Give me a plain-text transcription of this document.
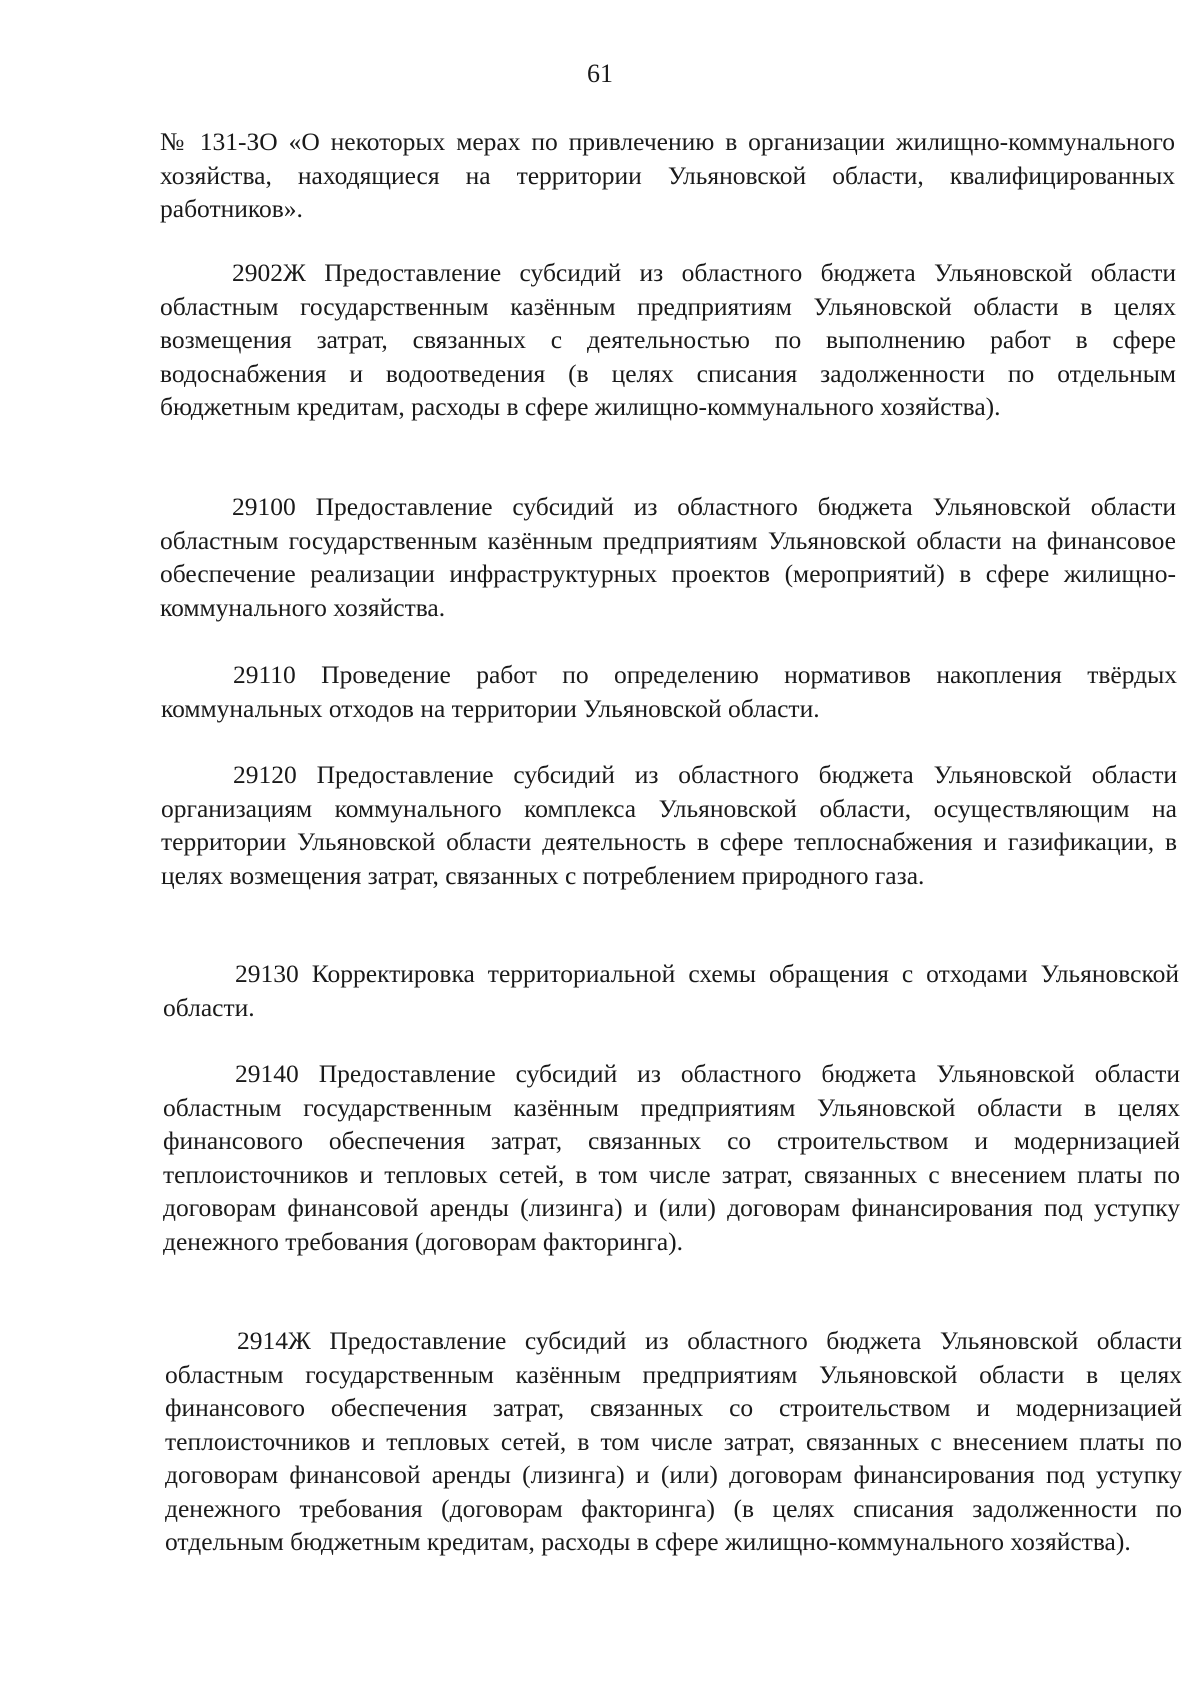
61

№ 131-ЗО «О некоторых мерах по привлечению в организации жилищно-коммунального хозяйства, находящиеся на территории Ульяновской области, квалифицированных работников».

2902Ж Предоставление субсидий из областного бюджета Ульяновской области областным государственным казённым предприятиям Ульяновской области в целях возмещения затрат, связанных с деятельностью по выполнению работ в сфере водоснабжения и водоотведения (в целях списания задолженности по отдельным бюджетным кредитам, расходы в сфере жилищно-коммунального хозяйства).

29100 Предоставление субсидий из областного бюджета Ульяновской области областным государственным казённым предприятиям Ульяновской области на финансовое обеспечение реализации инфраструктурных проектов (мероприятий) в сфере жилищно-коммунального хозяйства.

29110 Проведение работ по определению нормативов накопления твёрдых коммунальных отходов на территории Ульяновской области.

29120 Предоставление субсидий из областного бюджета Ульяновской области организациям коммунального комплекса Ульяновской области, осуществляющим на территории Ульяновской области деятельность в сфере теплоснабжения и газификации, в целях возмещения затрат, связанных с потреблением природного газа.

29130 Корректировка территориальной схемы обращения с отходами Ульяновской области.

29140 Предоставление субсидий из областного бюджета Ульяновской области областным государственным казённым предприятиям Ульяновской области в целях финансового обеспечения затрат, связанных со строительством и модернизацией теплоисточников и тепловых сетей, в том числе затрат, связанных с внесением платы по договорам финансовой аренды (лизинга) и (или) договорам финансирования под уступку денежного требования (договорам факторинга).

2914Ж Предоставление субсидий из областного бюджета Ульяновской области областным государственным казённым предприятиям Ульяновской области в целях финансового обеспечения затрат, связанных со строительством и модернизацией теплоисточников и тепловых сетей, в том числе затрат, связанных с внесением платы по договорам финансовой аренды (лизинга) и (или) договорам финансирования под уступку денежного требования (договорам факторинга) (в целях списания задолженности по отдельным бюджетным кредитам, расходы в сфере жилищно-коммунального хозяйства).
